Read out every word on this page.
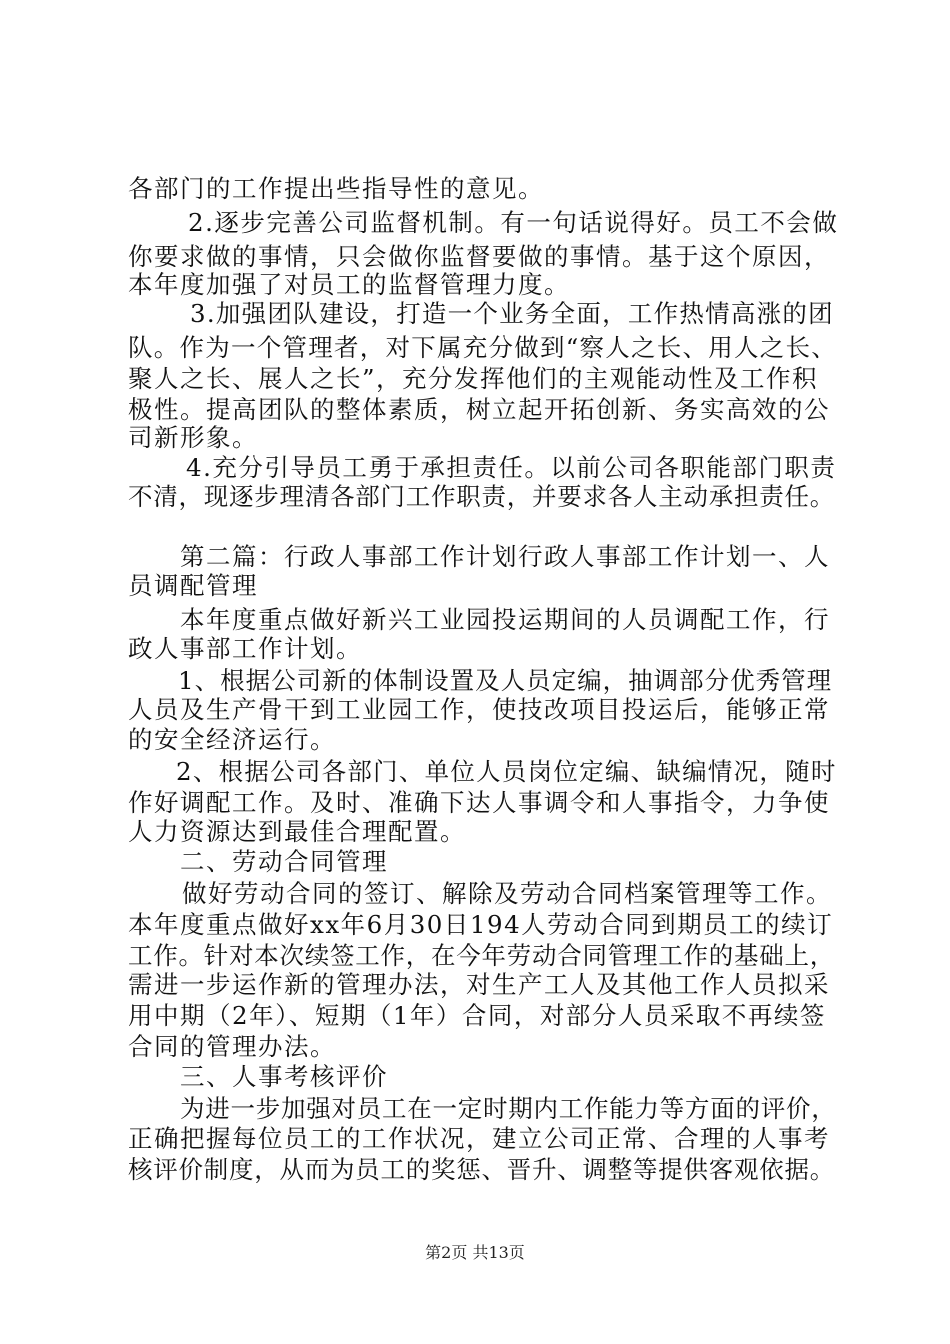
各部门的工作提出些指导性的意见。
2.逐步完善公司监督机制。有一句话说得好。员工不会做
你要求做的事情，只会做你监督要做的事情。基于这个原因，
本年度加强了对员工的监督管理力度。
3.加强团队建设，打造一个业务全面，工作热情高涨的团
队。作为一个管理者，对下属充分做到“察人之长、用人之长、
聚人之长、展人之长”，充分发挥他们的主观能动性及工作积
极性。提高团队的整体素质，树立起开拓创新、务实高效的公
司新形象。
4.充分引导员工勇于承担责任。以前公司各职能部门职责
不清，现逐步理清各部门工作职责，并要求各人主动承担责任。
第二篇：行政人事部工作计划行政人事部工作计划一、人
员调配管理
本年度重点做好新兴工业园投运期间的人员调配工作，行
政人事部工作计划。
1、根据公司新的体制设置及人员定编，抽调部分优秀管理
人员及生产骨干到工业园工作，使技改项目投运后，能够正常
的安全经济运行。
2、根据公司各部门、单位人员岗位定编、缺编情况，随时
作好调配工作。及时、准确下达人事调令和人事指令，力争使
人力资源达到最佳合理配置。
二、劳动合同管理
做好劳动合同的签订、解除及劳动合同档案管理等工作。
本年度重点做好xx年6月30日194人劳动合同到期员工的续订
工作。针对本次续签工作，在今年劳动合同管理工作的基础上，
需进一步运作新的管理办法，对生产工人及其他工作人员拟采
用中期（2年）、短期（1年）合同，对部分人员采取不再续签
合同的管理办法。
三、人事考核评价
为进一步加强对员工在一定时期内工作能力等方面的评价，
正确把握每位员工的工作状况，建立公司正常、合理的人事考
核评价制度，从而为员工的奖惩、晋升、调整等提供客观依据。
第2页 共13页
